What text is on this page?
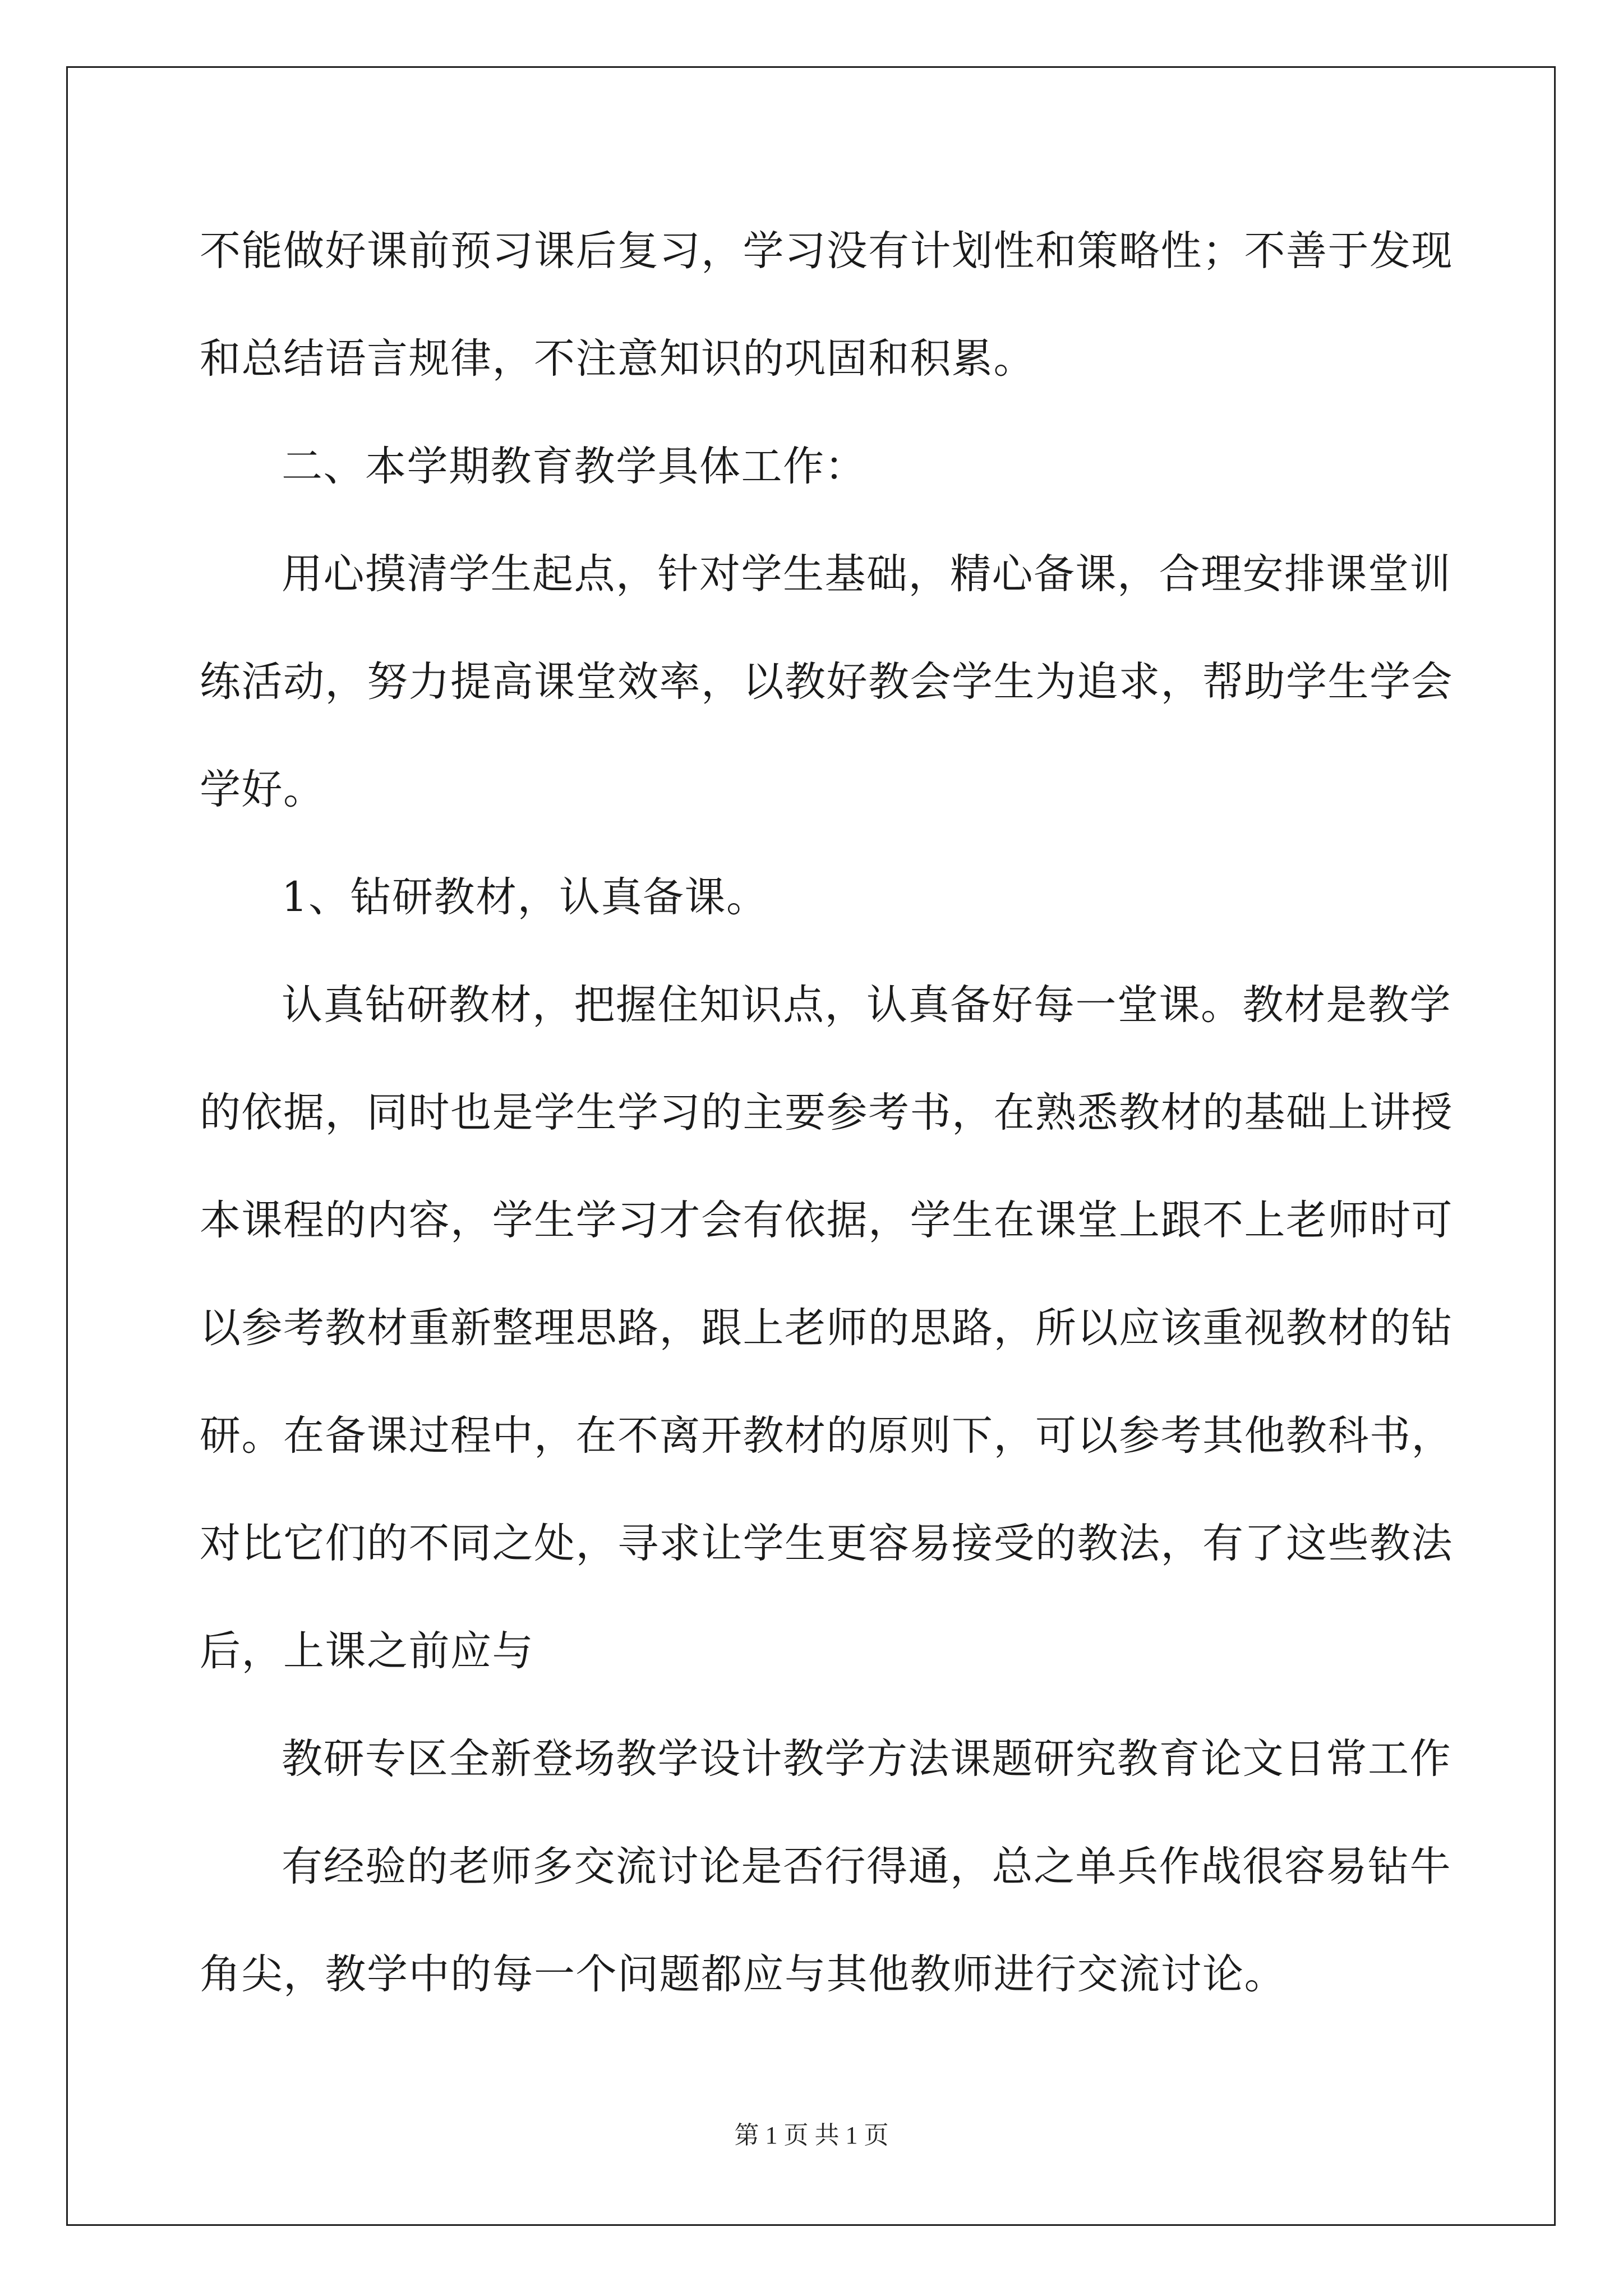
不能做好课前预习课后复习，学习没有计划性和策略性；不善于发现
和总结语言规律，不注意知识的巩固和积累。
二、本学期教育教学具体工作：
用心摸清学生起点，针对学生基础，精心备课，合理安排课堂训
练活动，努力提高课堂效率，以教好教会学生为追求，帮助学生学会
学好。
1、钻研教材，认真备课。
认真钻研教材，把握住知识点，认真备好每一堂课。教材是教学
的依据，同时也是学生学习的主要参考书，在熟悉教材的基础上讲授
本课程的内容，学生学习才会有依据，学生在课堂上跟不上老师时可
以参考教材重新整理思路，跟上老师的思路，所以应该重视教材的钻
研。在备课过程中，在不离开教材的原则下，可以参考其他教科书，
对比它们的不同之处，寻求让学生更容易接受的教法，有了这些教法
后，上课之前应与
教研专区全新登场教学设计教学方法课题研究教育论文日常工作
有经验的老师多交流讨论是否行得通，总之单兵作战很容易钻牛
角尖，教学中的每一个问题都应与其他教师进行交流讨论。
第 1 页 共 1 页
